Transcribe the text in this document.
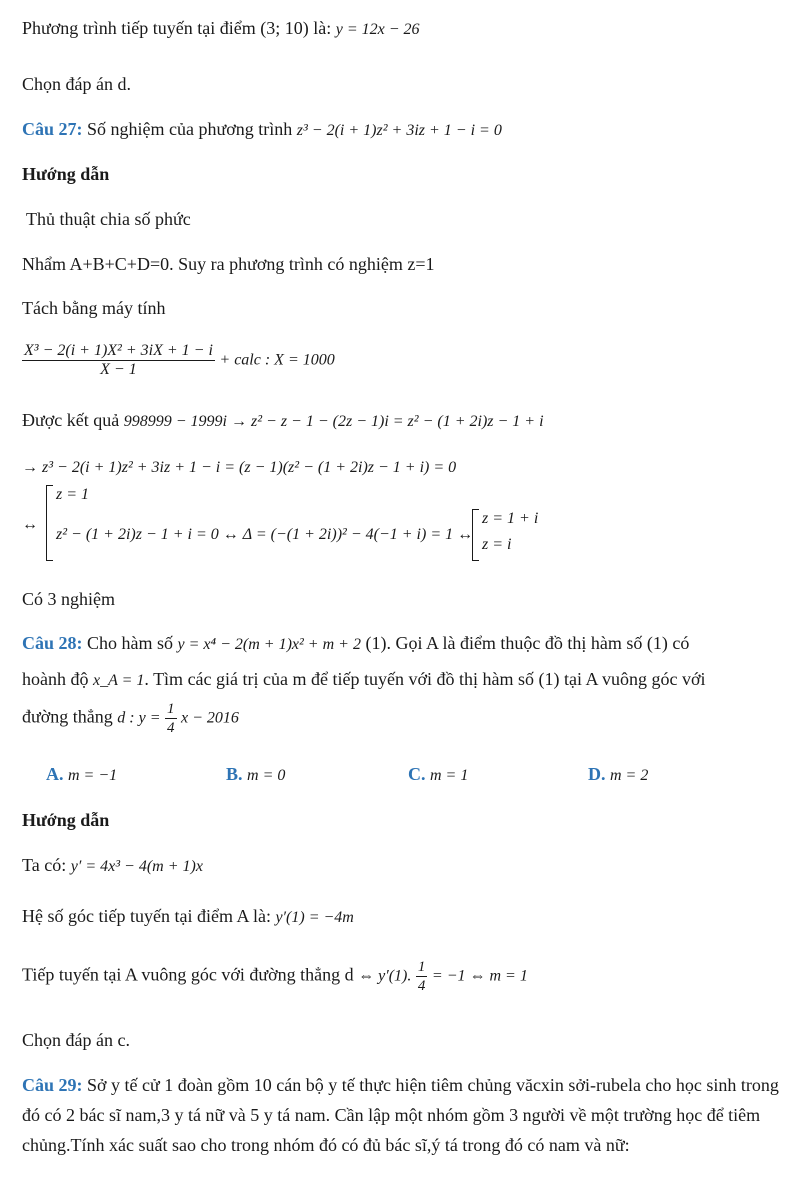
Phương trình tiếp tuyến tại điểm (3; 10) là: y = 12x − 26
Chọn đáp án d.
Câu 27: Số nghiệm của phương trình z³ − 2(i + 1)z² + 3iz + 1 − i = 0
Hướng dẫn
Thủ thuật chia số phức
Nhẩm A+B+C+D=0. Suy ra phương trình có nghiệm z=1
Tách bằng máy tính
$\frac{\text{X³ − 2(i + 1)X² + 3iX + 1 − i}}{X - 1}$ + calc : X = 1000
Được kết quả 998999 − 1999i → z² − z − 1 − (2z − 1)i = z² − (1 + 2i)z − 1 + i
→ z³ − 2(i + 1)z² + 3iz + 1 − i = (z − 1)(z² − (1 + 2i)z − 1 + i) = 0
↔
z = 1
z² − (1 + 2i)z − 1 + i = 0 ↔ Δ = (−(1 + 2i))² − 4(−1 + i) = 1 ↔
z = 1 + i
z = i
Có 3 nghiệm
Câu 28: Cho hàm số y = x⁴ − 2(m + 1)x² + m + 2 (1). Gọi A là điểm thuộc đồ thị hàm số (1) có
hoành độ x_A = 1. Tìm các giá trị của m để tiếp tuyến với đồ thị hàm số (1) tại A vuông góc với
đường thẳng d : $y = \frac{1}{4}$ x − 2016
A. m = −1	B. m = 0	C. m = 1	D. m = 2
Hướng dẫn
Ta có: y′ = 4x³ − 4(m + 1)x
Hệ số góc tiếp tuyến tại điểm A là: y′(1) = −4m
Tiếp tuyến tại A vuông góc với đường thẳng d ⇔ y′(1). $\frac{1}{4} = -1$ ⇔ m = 1
Chọn đáp án c.
Câu 29: Sở y tế cử 1 đoàn gồm 10 cán bộ y tế thực hiện tiêm chủng văcxin sởi-rubela cho học sinh trong đó có 2 bác sĩ nam,3 y tá nữ và 5 y tá nam. Cần lập một nhóm gồm 3 người về một trường học để tiêm chủng.Tính xác suất sao cho trong nhóm đó có đủ bác sĩ,ý tá trong đó có nam và nữ:
